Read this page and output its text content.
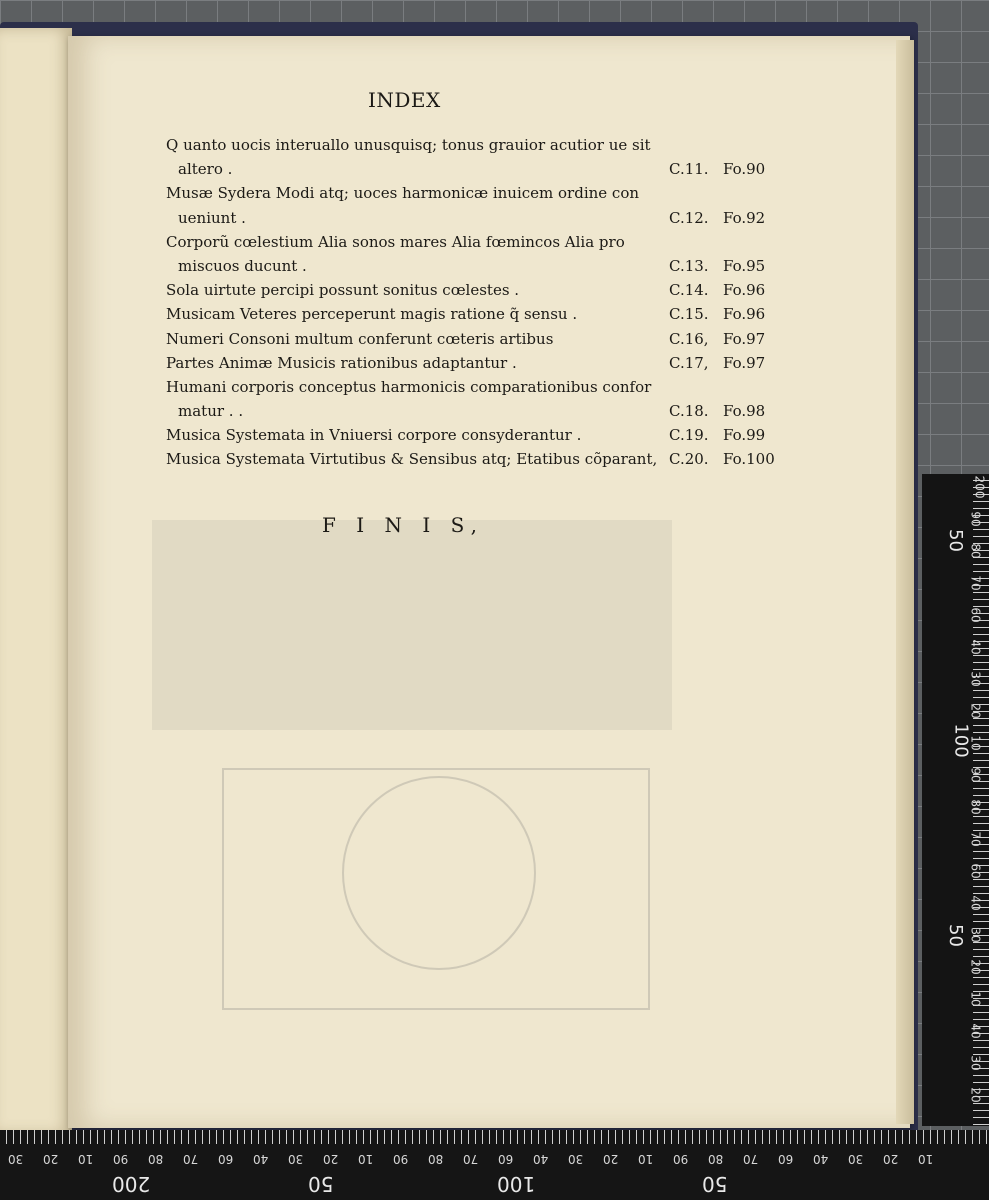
INDEX
Q uanto uocis interuallo unusquisq; tonus grauior acutior ue sit
altero .	C.11. Fo.90
Musæ Sydera Modi atq; uoces harmonicæ inuicem ordine con
ueniunt .	C.12. Fo.92
Corporũ cœlestium Alia sonos mares Alia fœmincos Alia pro
miscuos ducunt .	C.13. Fo.95
Sola uirtute percipi possunt sonitus cœlestes .	C.14. Fo.96
Musicam Veteres perceperunt magis ratione q̃ sensu .	C.15. Fo.96
Numeri Consoni multum conferunt cœteris artibus	C.16, Fo.97
Partes Animæ Musicis rationibus adaptantur .	C.17, Fo.97
Humani corporis conceptus harmonicis comparationibus confor
matur . .	C.18. Fo.98
Musica Systemata in Vniuersi corpore consyderantur .	C.19. Fo.99
Musica Systemata Virtutibus & Sensibus atq; Etatibus cõparant, C.20. Fo.100
F I N I S,
200	50	100	50
50
100
50
30 20 10 90 80 70 60 40 30 20 10 90 80 70 60 40 30 20 10 90 80 70 60 40 30 20 10
200
90
80
70
60
40
30
20
10
90
80
70
60
40
30
20
10
40
30
20
